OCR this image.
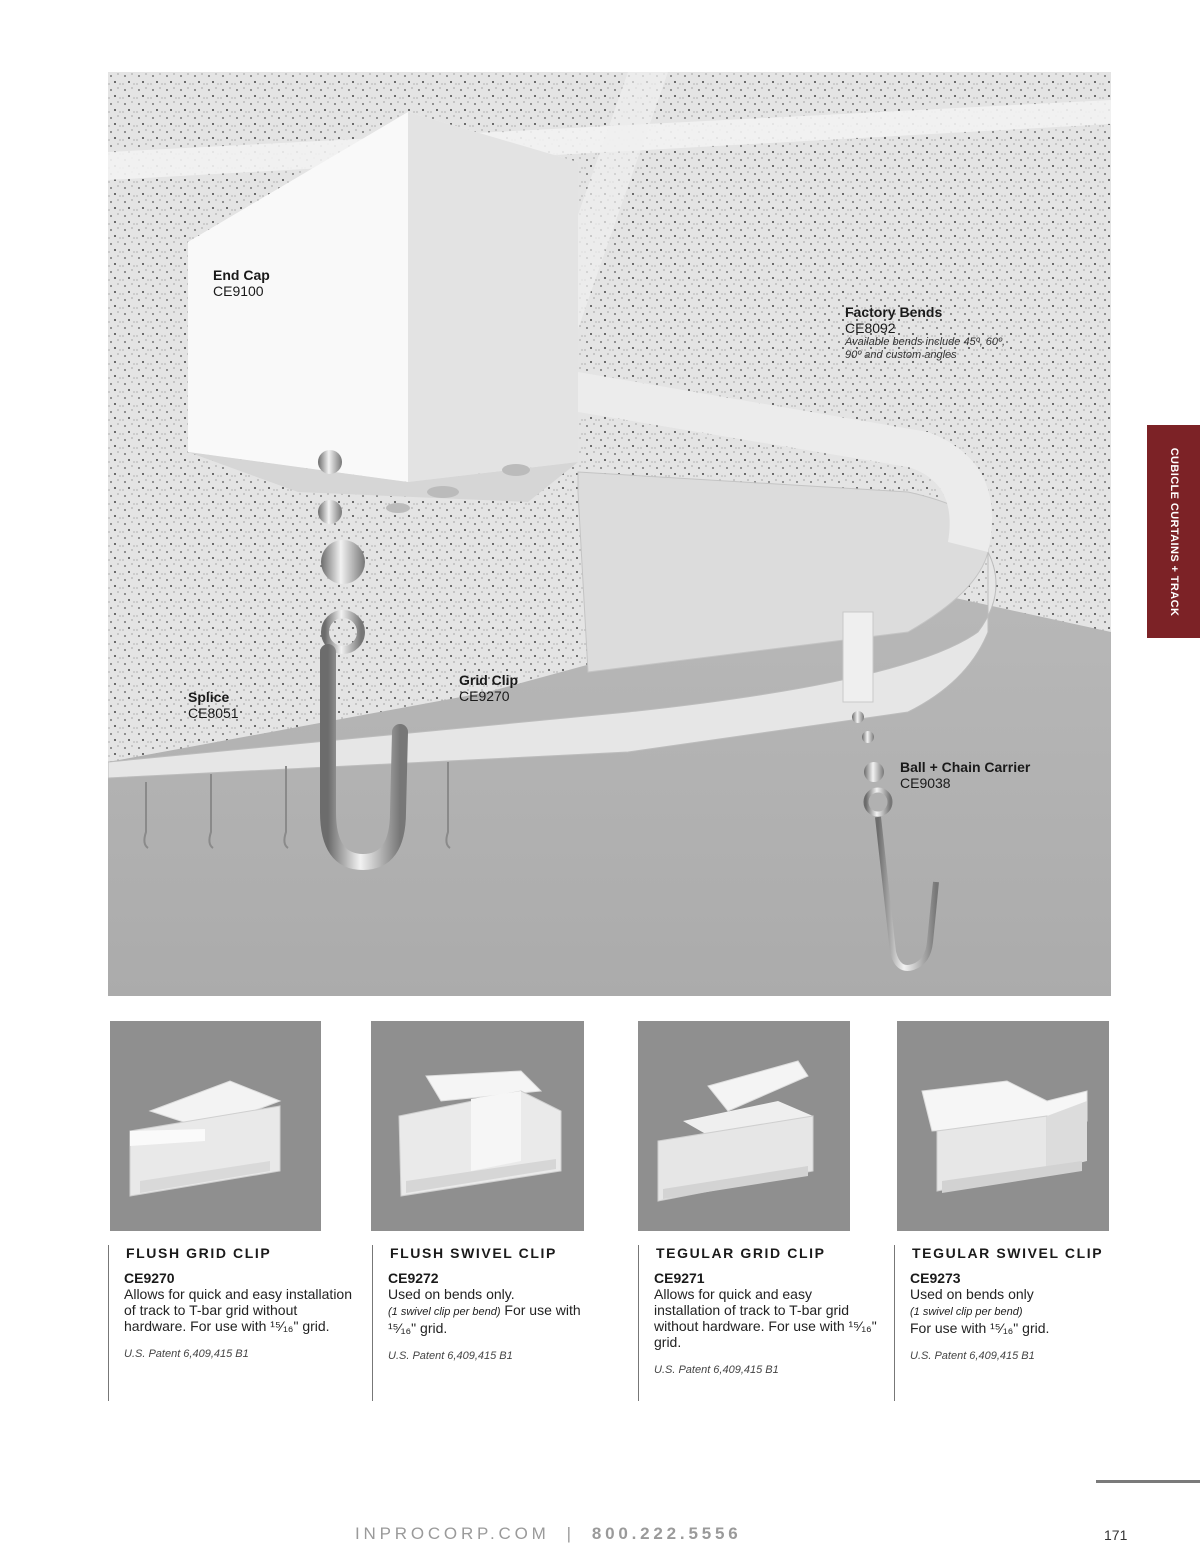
End Cap
CE9100
Factory Bends
CE8092
Available bends include 45º, 60º, 90º and custom angles
Splice
CE8051
Grid Clip
CE9270
Ball + Chain Carrier
CE9038
CUBICLE CURTAINS + TRACK
FLUSH GRID CLIP
CE9270
Allows for quick and easy installation of track to T-bar grid without hardware. For use with ¹⁵⁄₁₆" grid.
U.S. Patent 6,409,415 B1
FLUSH SWIVEL CLIP
CE9272
Used on bends only.
(1 swivel clip per bend) For use with ¹⁵⁄₁₆" grid.
U.S. Patent 6,409,415 B1
TEGULAR GRID CLIP
CE9271
Allows for quick and easy installation of track to T-bar grid without hardware. For use with ¹⁵⁄₁₆" grid.
U.S. Patent 6,409,415 B1
TEGULAR SWIVEL CLIP
CE9273
Used on bends only
(1 swivel clip per bend)
For use with ¹⁵⁄₁₆" grid.
U.S. Patent 6,409,415 B1
INPROCORP.COM | 800.222.5556	171
